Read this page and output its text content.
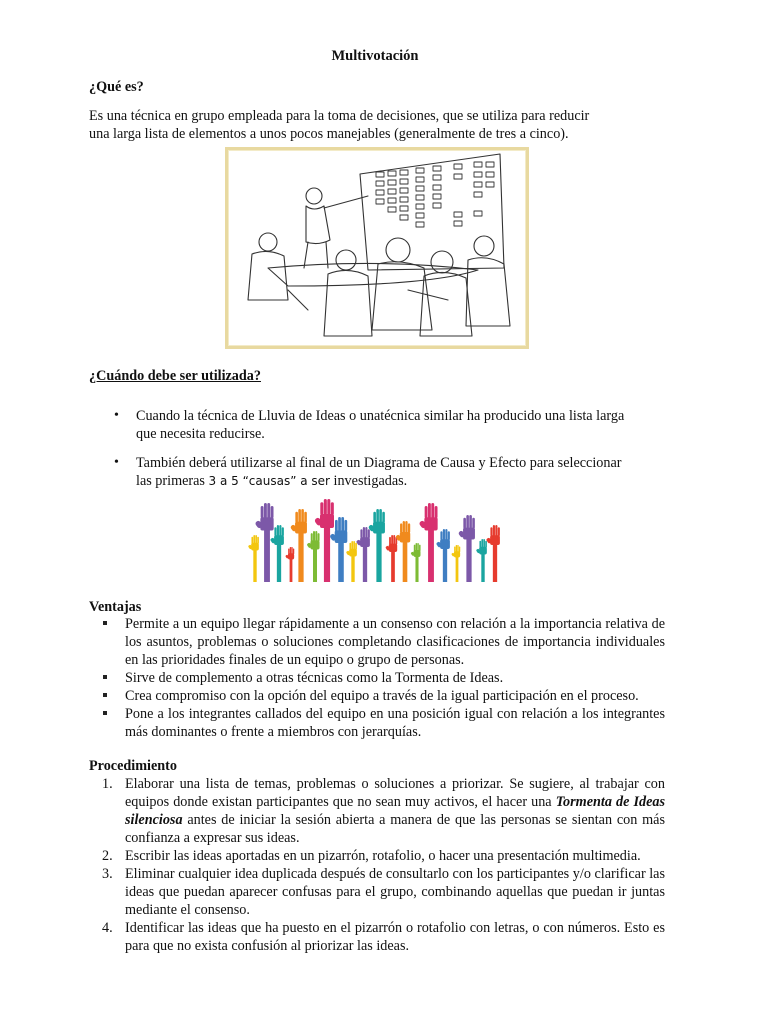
Multivotación
¿Qué es?
Es una técnica en grupo empleada para la toma de decisiones, que se utiliza para reducir
una larga lista de elementos a unos pocos manejables (generalmente de tres a cinco).
¿Cuándo debe ser utilizada?
• Cuando la técnica de Lluvia de Ideas o unatécnica similar ha producido una lista larga
que necesita reducirse.
• También deberá utilizarse al final de un Diagrama de Causa y Efecto para seleccionar
las primeras 3 a 5 “causas” a ser investigadas.
Ventajas
Permite a un equipo llegar rápidamente a un consenso con relación a la importancia relativa de los asuntos, problemas o soluciones completando clasificaciones de importancia individuales en las prioridades finales de un equipo o grupo de personas.
Sirve de complemento a otras técnicas como la Tormenta de Ideas.
Crea compromiso con la opción del equipo a través de la igual participación en el proceso.
Pone a los integrantes callados del equipo en una posición igual con relación a los integrantes más dominantes o frente a miembros con jerarquías.
Procedimiento
1. Elaborar una lista de temas, problemas o soluciones a priorizar. Se sugiere, al trabajar con equipos donde existan participantes que no sean muy activos, el hacer una Tormenta de Ideas silenciosa antes de iniciar la sesión abierta a manera de que las personas se sientan con más confianza a expresar sus ideas.
2. Escribir las ideas aportadas en un pizarrón, rotafolio, o hacer una presentación multimedia.
3. Eliminar cualquier idea duplicada después de consultarlo con los participantes y/o clarificar las ideas que puedan aparecer confusas para el grupo, combinando aquellas que puedan ir juntas mediante el consenso.
4. Identificar las ideas que ha puesto en el pizarrón o rotafolio con letras, o con números. Esto es para que no exista confusión al priorizar las ideas.
